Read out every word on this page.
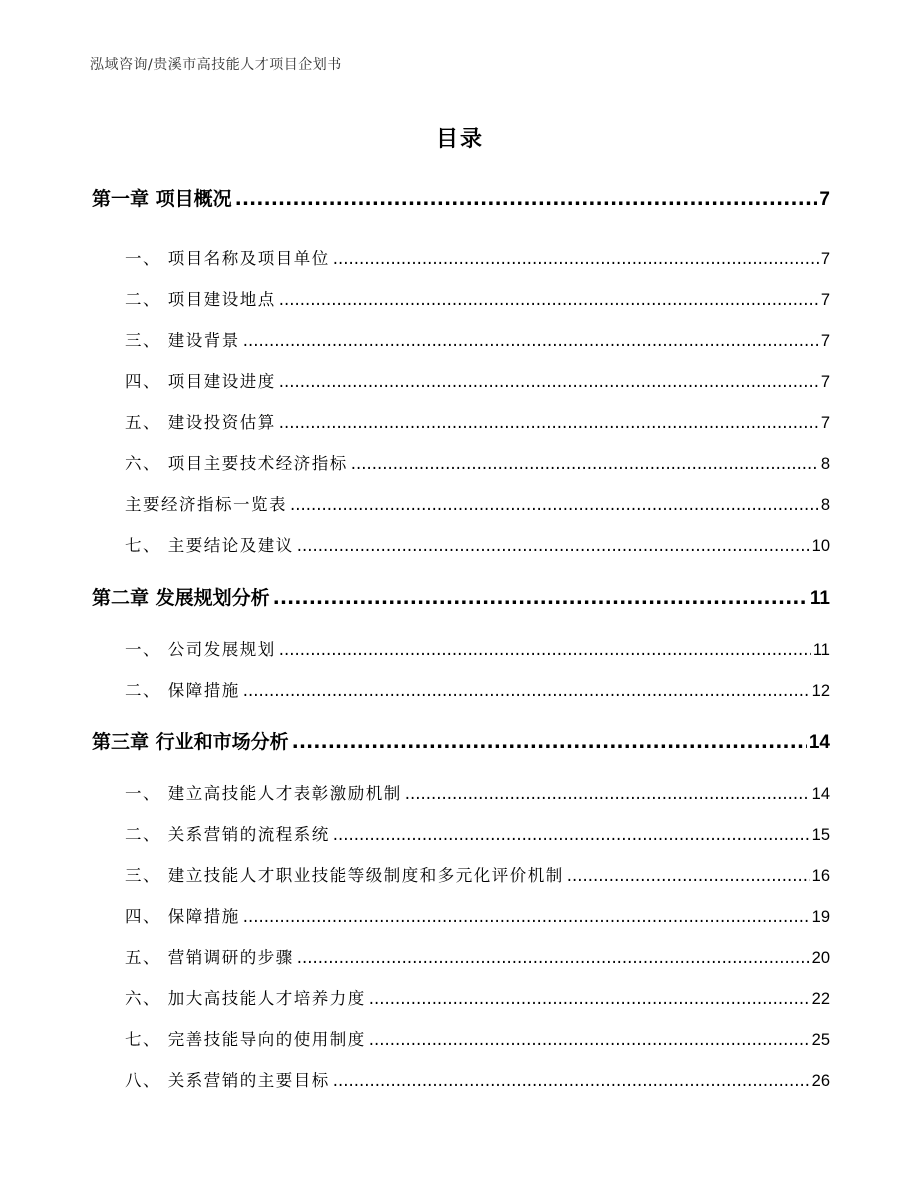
泓域咨询/贵溪市高技能人才项目企划书
目录
第一章 项目概况 .....	7
一、 项目名称及项目单位 .....	7
二、 项目建设地点 .....	7
三、 建设背景 .....	7
四、 项目建设进度 .....	7
五、 建设投资估算 .....	7
六、 项目主要技术经济指标 .....	8
主要经济指标一览表 .....	8
七、 主要结论及建议 .....	10
第二章 发展规划分析 .....	11
一、 公司发展规划 .....	11
二、 保障措施 .....	12
第三章 行业和市场分析 .....	14
一、 建立高技能人才表彰激励机制 .....	14
二、 关系营销的流程系统 .....	15
三、 建立技能人才职业技能等级制度和多元化评价机制 .....	16
四、 保障措施 .....	19
五、 营销调研的步骤 .....	20
六、 加大高技能人才培养力度 .....	22
七、 完善技能导向的使用制度 .....	25
八、 关系营销的主要目标 .....	26
